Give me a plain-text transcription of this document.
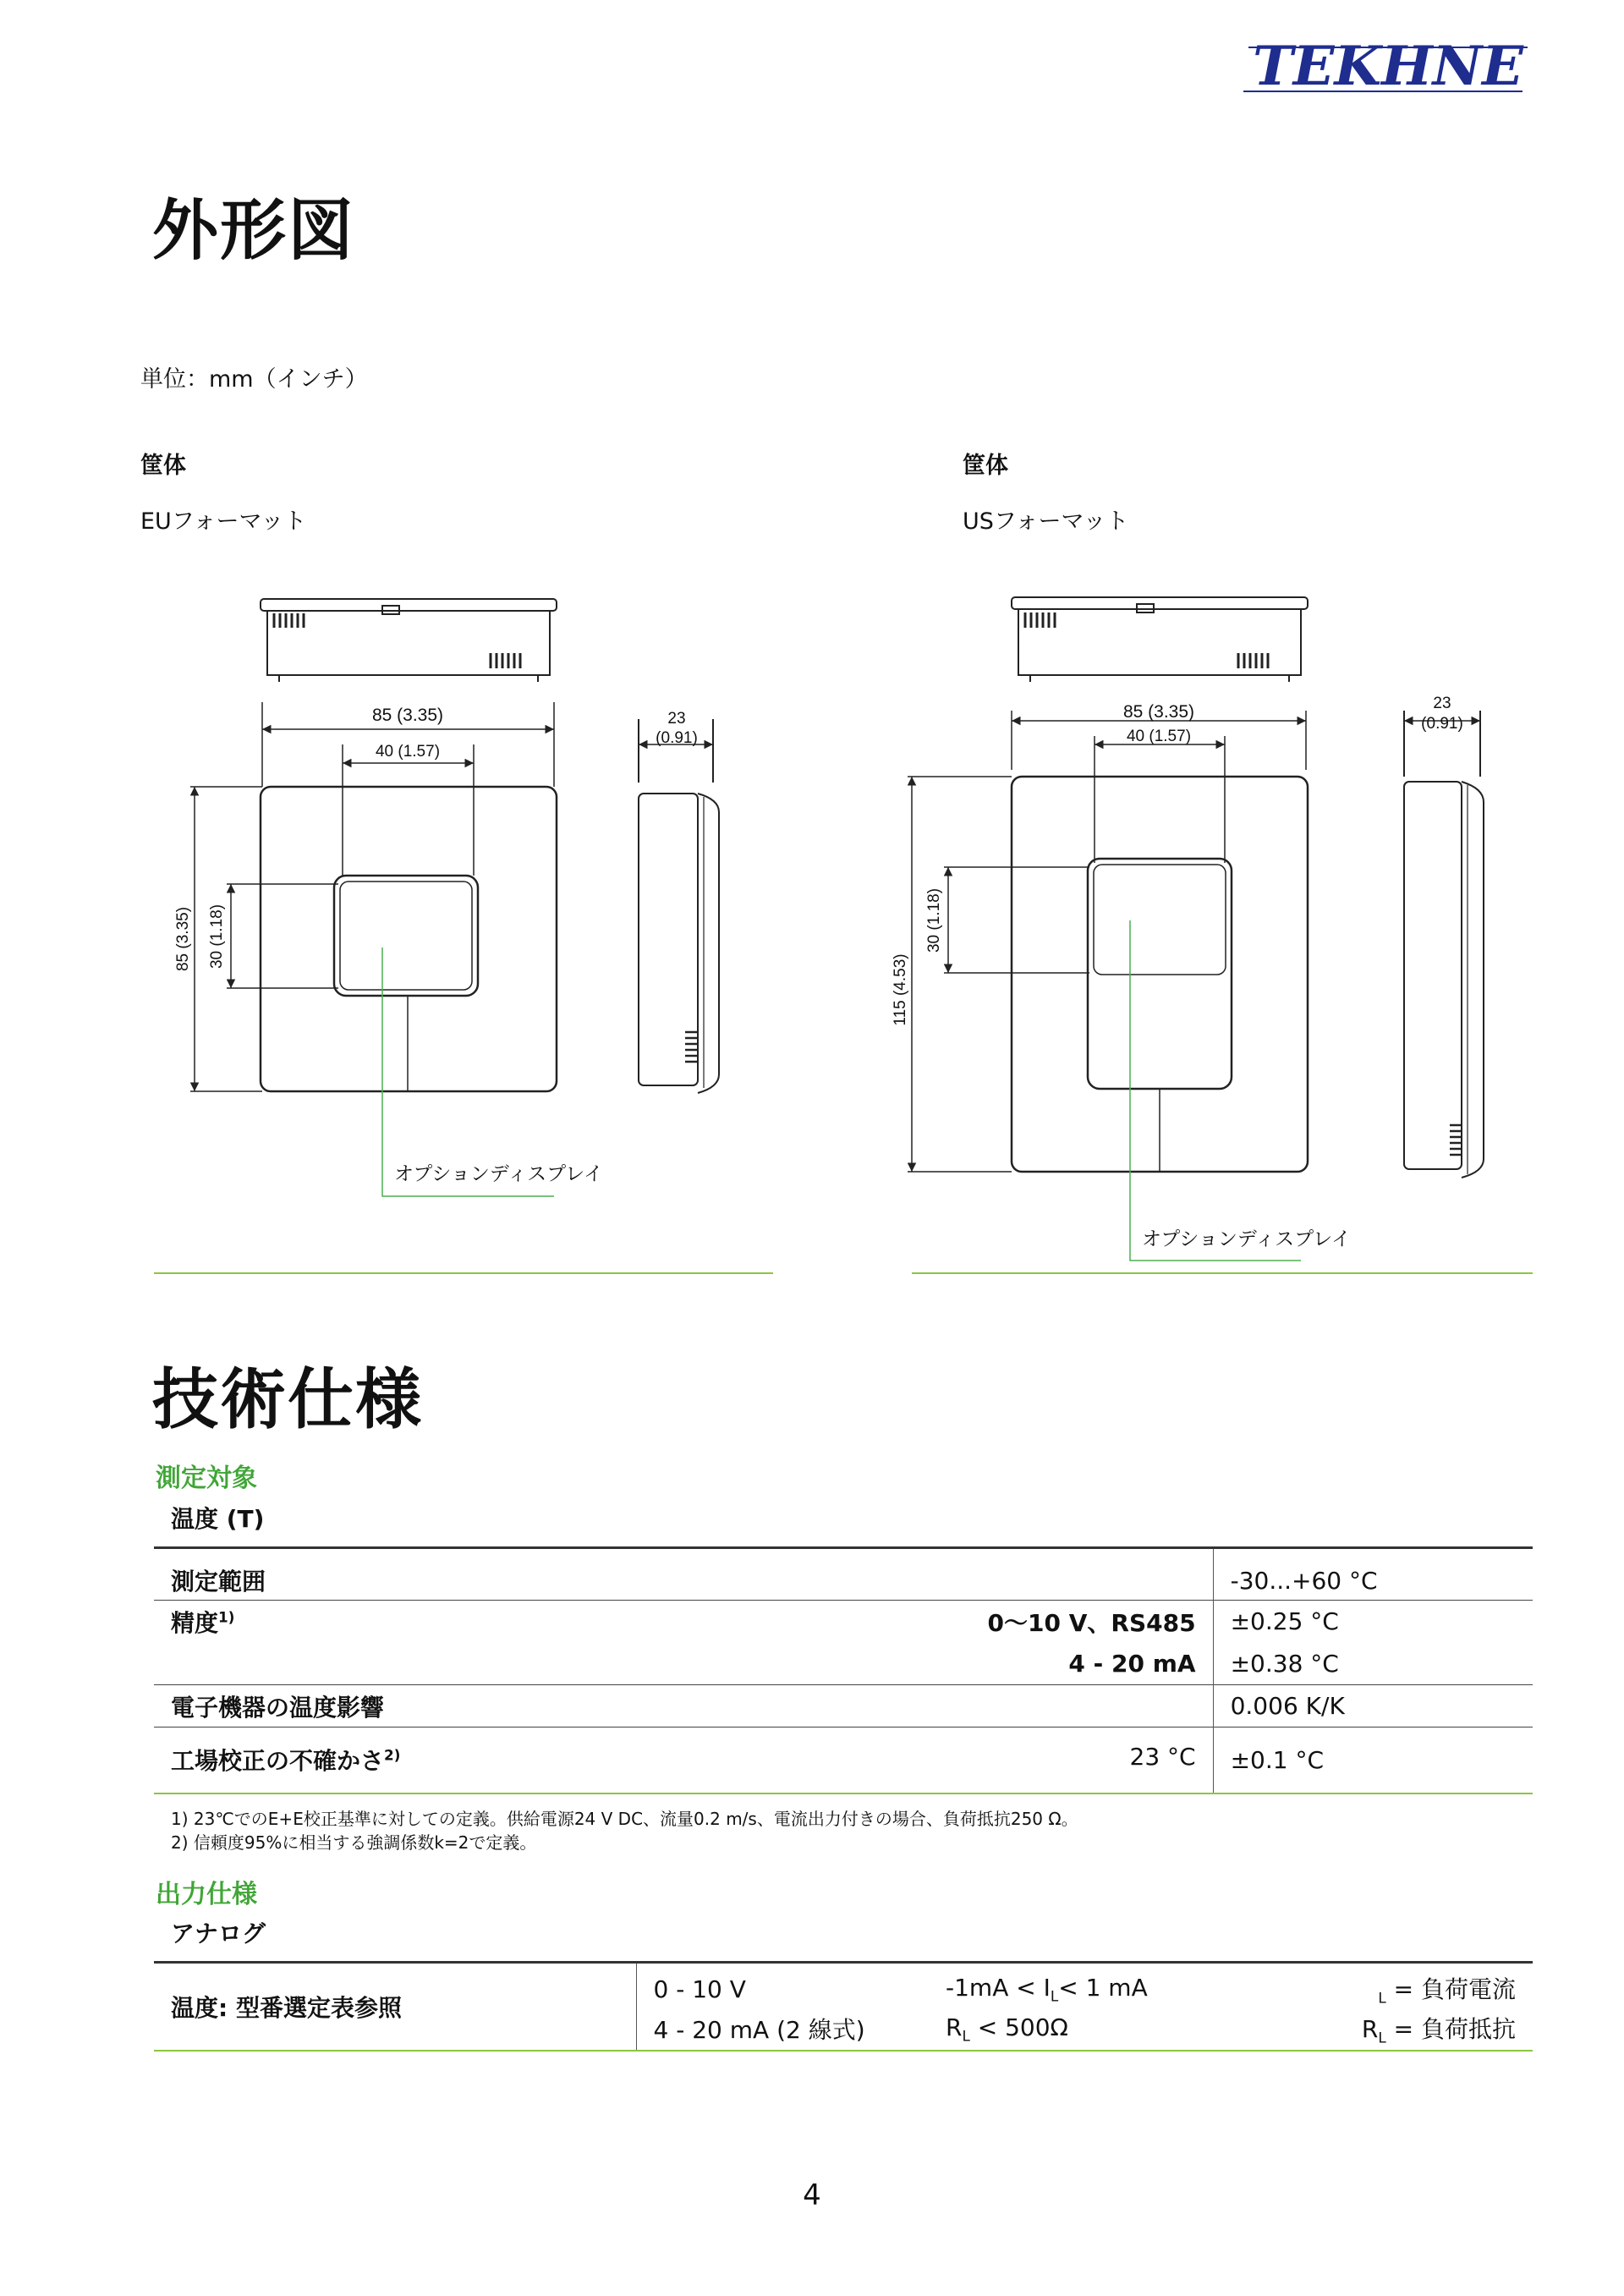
TEKHNE
外形図
単位：mm（インチ）
筐体
EUフォーマット
筐体
USフォーマット
85 (3.35)
40 (1.57)
85 (3.35) 30 (1.18)
オプションディスプレイ
23
(0.91)
85 (3.35)
40 (1.57)
115 (4.53)
30 (1.18)
オプションディスプレイ
23
(0.91)
技術仕様
測定対象
温度 (T)
測定範囲	-30...+60 °C
精度$^{1)}$ 0～10 V、RS485	±0.25 °C
4 - 20 mA	±0.38 °C
電子機器の温度影響	0.006 K/K
工場校正の不確かさ$^{2)}$ 23 °C	±0.1 °C
1) 23℃でのE+E校正基準に対しての定義。供給電源24 V DC、流量0.2 m/s、電流出力付きの場合、負荷抵抗250 Ω。
2) 信頼度95%に相当する強調係数k=2で定義。
出力仕様
アナログ
温度: 型番選定表参照	0 - 10 V	$-1mA < I_L< 1$ mA	$_L$ = 負荷電流
	4 - 20 mA (2 線式)	$R_L < 500\Omega$	$R_L$ = 負荷抵抗
4
